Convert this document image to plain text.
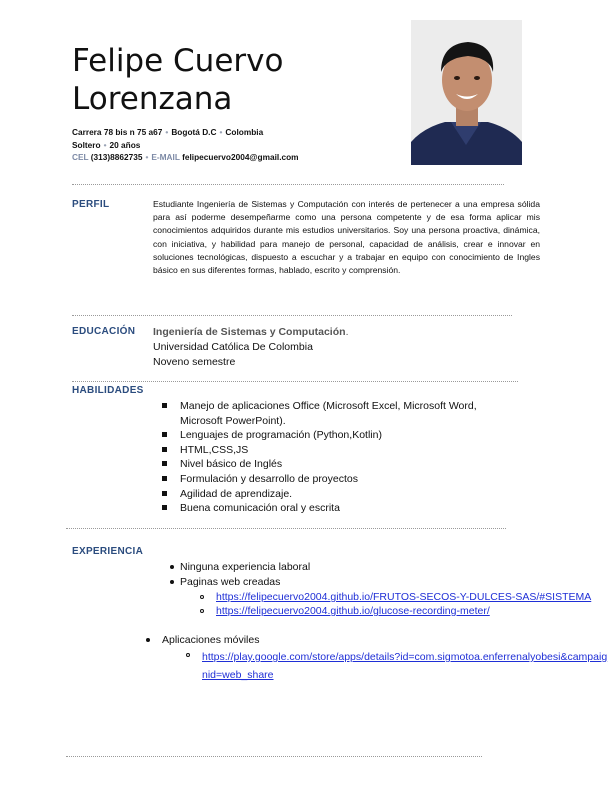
Felipe Cuervo
Lorenzana
Carrera 78 bis n 75 a67 • Bogotá D.C • Colombia
Soltero • 20 años
CEL (313)8862735 • E-MAIL felipecuervo2004@gmail.com
PERFIL	Estudiante Ingeniería de Sistemas y Computación con interés de pertenecer a una empresa sólida para así poderme desempeñarme como una persona competente y de esa forma aplicar mis conocimientos adquiridos durante mis estudios universitarios. Soy una persona proactiva, dinámica, con iniciativa, y habilidad para manejo de personal, capacidad de análisis, crear e innovar en soluciones tecnológicas, dispuesto a escuchar y a trabajar en equipo con conocimiento de Ingles básico en sus diferentes formas, hablado, escrito y comprensión.
EDUCACIÓN Ingeniería de Sistemas y Computación.
Universidad Católica De Colombia
Noveno semestre
HABILIDADES
Manejo de aplicaciones Office (Microsoft Excel, Microsoft Word, Microsoft PowerPoint).
Lenguajes de programación (Python,Kotlin)
HTML,CSS,JS
Nivel básico de Inglés
Formulación y desarrollo de proyectos
Agilidad de aprendizaje.
Buena comunicación oral y escrita
EXPERIENCIA
Ninguna experiencia laboral
Paginas web creadas
https://felipecuervo2004.github.io/FRUTOS-SECOS-Y-DULCES-SAS/#SISTEMA
https://felipecuervo2004.github.io/glucose-recording-meter/
Aplicaciones móviles
https://play.google.com/store/apps/details?id=com.sigmotoa.enferrenalyobesi&campaignid=web_share
